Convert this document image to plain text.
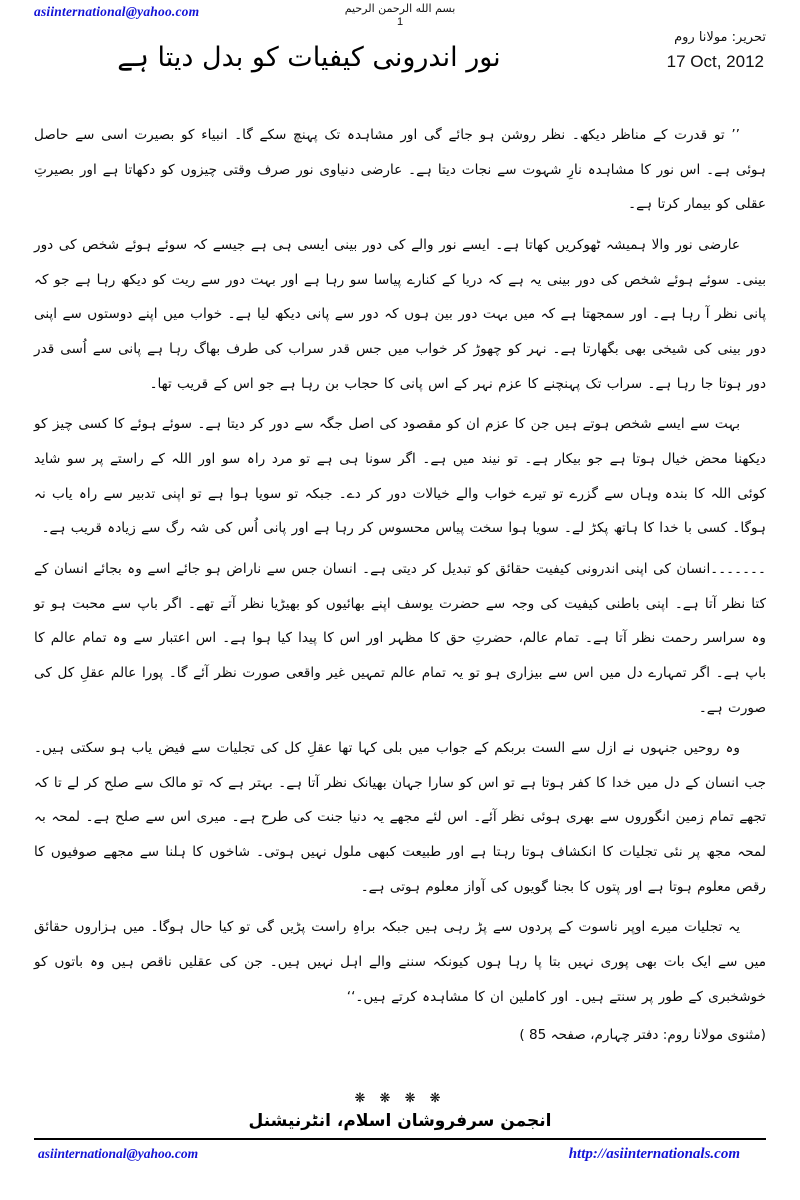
asiinternational@yahoo.com	بسم الله الرحمن الرحيم
1
تحریر: مولانا روم
17 Oct, 2012
نور اندرونی کیفیات کو بدل دیتا ہے

’’ تو قدرت کے مناظر دیکھ۔ نظر روشن ہو جائے گی اور مشاہدہ تک پہنچ سکے گا۔ انبیاء کو بصیرت اسی سے حاصل ہوئی ہے۔ اس نور کا مشاہدہ نارِ شہوت سے نجات دیتا ہے۔ عارضی دنیاوی نور صرف وقتی چیزوں کو دکھاتا ہے اور بصیرتِ عقلی کو بیمار کرتا ہے۔

عارضی نور والا ہمیشہ ٹھوکریں کھاتا ہے۔ ایسے نور والے کی دور بینی ایسی ہی ہے جیسے کہ سوئے ہوئے شخص کی دور بینی۔ سوئے ہوئے شخص کی دور بینی یہ ہے کہ دریا کے کنارے پیاسا سو رہا ہے اور بہت دور سے ریت کو دیکھ رہا ہے جو کہ پانی نظر آ رہا ہے۔ اور سمجھتا ہے کہ میں بہت دور بین ہوں کہ دور سے پانی دیکھ لیا ہے۔ خواب میں اپنے دوستوں سے اپنی دور بینی کی شیخی بھی بگھارتا ہے۔ نہر کو چھوڑ کر خواب میں جس قدر سراب کی طرف بھاگ رہا ہے پانی سے اُسی قدر دور ہوتا جا رہا ہے۔ سراب تک پہنچنے کا عزم نہر کے اس پانی کا حجاب بن رہا ہے جو اس کے قریب تھا۔

بہت سے ایسے شخص ہوتے ہیں جن کا عزم ان کو مقصود کی اصل جگہ سے دور کر دیتا ہے۔ سوئے ہوئے کا کسی چیز کو دیکھنا محض خیال ہوتا ہے جو بیکار ہے۔ تو نیند میں ہے۔ اگر سونا ہی ہے تو مرد راہ سو اور اللہ کے راستے پر سو شاید کوئی اللہ کا بندہ وہاں سے گزرے تو تیرے خواب والے خیالات دور کر دے۔ جبکہ تو سویا ہوا ہے تو اپنی تدبیر سے راہ یاب نہ ہوگا۔ کسی با خدا کا ہاتھ پکڑ لے۔ سویا ہوا سخت پیاس محسوس کر رہا ہے اور پانی اُس کی شہ رگ سے زیادہ قریب ہے۔

۔۔۔۔۔۔۔انسان کی اپنی اندرونی کیفیت حقائق کو تبدیل کر دیتی ہے۔ انسان جس سے ناراض ہو جائے اسے وہ بجائے انسان کے کتا نظر آتا ہے۔ اپنی باطنی کیفیت کی وجہ سے حضرت یوسف اپنے بھائیوں کو بھیڑیا نظر آتے تھے۔ اگر باپ سے محبت ہو تو وہ سراسر رحمت نظر آتا ہے۔ تمام عالم، حضرتِ حق کا مظہر اور اس کا پیدا کیا ہوا ہے۔ اس اعتبار سے وہ تمام عالم کا باپ ہے۔ اگر تمہارے دل میں اس سے بیزاری ہو تو یہ تمام عالم تمہیں غیر واقعی صورت نظر آئے گا۔ پورا عالم عقلِ کل کی صورت ہے۔

وہ روحیں جنہوں نے ازل سے الست بربکم کے جواب میں بلی کہا تھا عقلِ کل کی تجلیات سے فیض یاب ہو سکتی ہیں۔ جب انسان کے دل میں خدا کا کفر ہوتا ہے تو اس کو سارا جہان بھیانک نظر آتا ہے۔ بہتر ہے کہ تو مالک سے صلح کر لے تا کہ تجھے تمام زمین انگوروں سے بھری ہوئی نظر آئے۔ اس لئے مجھے یہ دنیا جنت کی طرح ہے۔ میری اس سے صلح ہے۔ لمحہ بہ لمحہ مجھ پر نئی تجلیات کا انکشاف ہوتا رہتا ہے اور طبیعت کبھی ملول نہیں ہوتی۔ شاخوں کا ہلنا سے مجھے صوفیوں کا رقص معلوم ہوتا ہے اور پتوں کا بجنا گویوں کی آواز معلوم ہوتی ہے۔

یہ تجلیات میرے اوپر ناسوت کے پردوں سے پڑ رہی ہیں جبکہ براہِ راست پڑیں گی تو کیا حال ہوگا۔ میں ہزاروں حقائق میں سے ایک بات بھی پوری نہیں بتا پا رہا ہوں کیونکہ سننے والے اہل نہیں ہیں۔ جن کی عقلیں ناقص ہیں وہ باتوں کو خوشخبری کے طور پر سنتے ہیں۔ اور کاملین ان کا مشاہدہ کرتے ہیں۔‘‘

(مثنوی مولانا روم: دفتر چہارم، صفحہ 85 )
❋ ❋ ❋ ❋
انجمن سرفروشان اسلام، انٹرنیشنل
asiinternational@yahoo.com	http://asiinternationals.com
